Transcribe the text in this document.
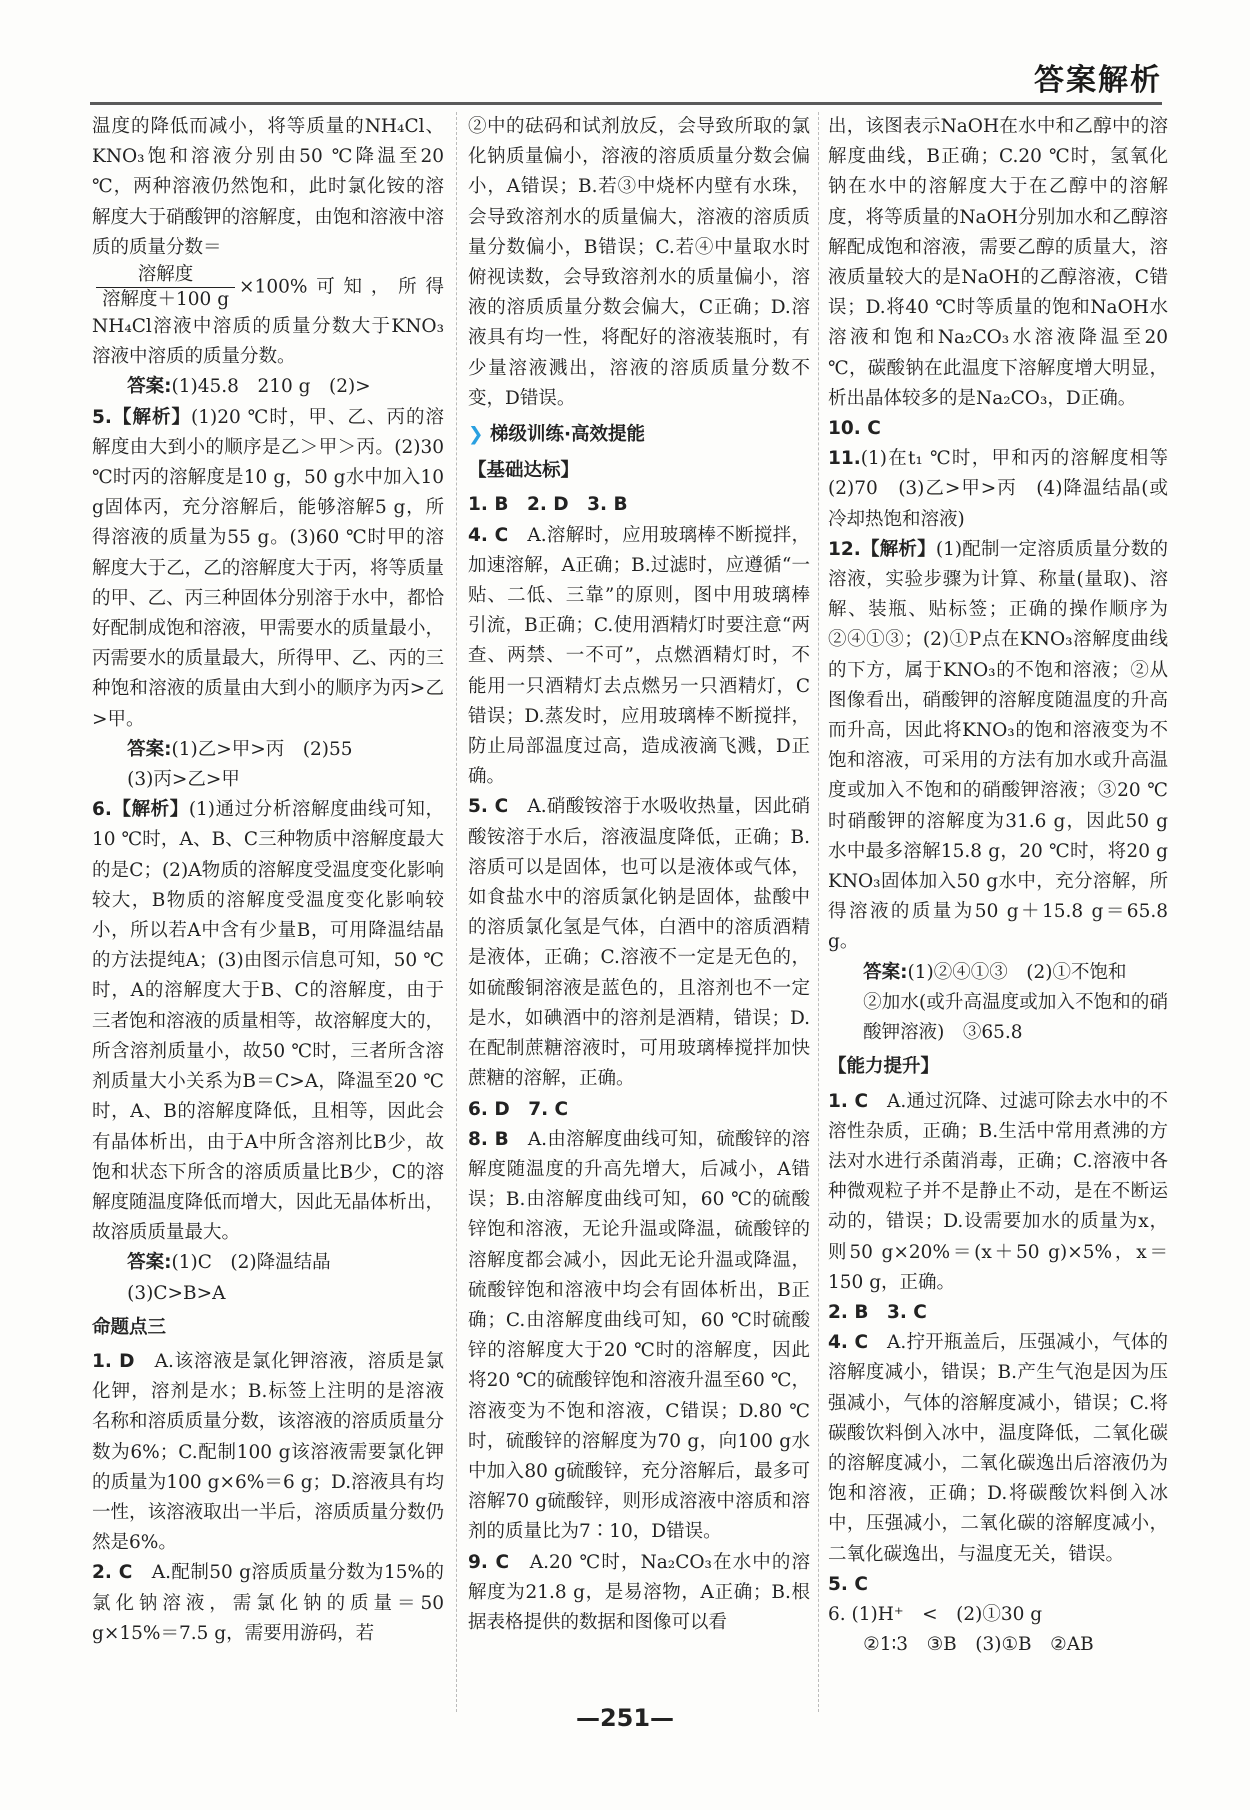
答案解析

温度的降低而减小，将等质量的NH₄Cl、KNO₃饱和溶液分别由50 ℃降温至20 ℃，两种溶液仍然饱和，此时氯化铵的溶解度大于硝酸钾的溶解度，由饱和溶液中溶质的质量分数＝

$\frac{\text{溶解度}}{\text{溶解度＋100 g}} \times 100\%$可知，所得NH₄Cl溶液中溶质的质量分数大于KNO₃溶液中溶质的质量分数。

答案:(1)45.8　210 g　(2)>

5.【解析】(1)20 ℃时，甲、乙、丙的溶解度由大到小的顺序是乙＞甲＞丙。(2)30 ℃时丙的溶解度是10 g，50 g水中加入10 g固体丙，充分溶解后，能够溶解5 g，所得溶液的质量为55 g。(3)60 ℃时甲的溶解度大于乙，乙的溶解度大于丙，将等质量的甲、乙、丙三种固体分别溶于水中，都恰好配制成饱和溶液，甲需要水的质量最小，丙需要水的质量最大，所得甲、乙、丙的三种饱和溶液的质量由大到小的顺序为丙>乙>甲。

答案:(1)乙>甲>丙　(2)55

(3)丙>乙>甲

6.【解析】(1)通过分析溶解度曲线可知，10 ℃时，A、B、C三种物质中溶解度最大的是C；(2)A物质的溶解度受温度变化影响较大，B物质的溶解度受温度变化影响较小，所以若A中含有少量B，可用降温结晶的方法提纯A；(3)由图示信息可知，50 ℃时，A的溶解度大于B、C的溶解度，由于三者饱和溶液的质量相等，故溶解度大的，所含溶剂质量小，故50 ℃时，三者所含溶剂质量大小关系为B＝C>A，降温至20 ℃时，A、B的溶解度降低，且相等，因此会有晶体析出，由于A中所含溶剂比B少，故饱和状态下所含的溶质质量比B少，C的溶解度随温度降低而增大，因此无晶体析出，故溶质质量最大。

答案:(1)C　(2)降温结晶

(3)C>B>A

命题点三

1. D　 A.该溶液是氯化钾溶液，溶质是氯化钾，溶剂是水；B.标签上注明的是溶液名称和溶质质量分数，该溶液的溶质质量分数为6%；C.配制100 g该溶液需要氯化钾的质量为100 g×6%＝6 g；D.溶液具有均一性，该溶液取出一半后，溶质质量分数仍然是6%。

2. C　 A.配制50 g溶质质量分数为15%的氯化钠溶液，需氯化钠的质量＝50 g×15%＝7.5 g，需要用游码，若

②中的砝码和试剂放反，会导致所取的氯化钠质量偏小，溶液的溶质质量分数会偏小，A错误；B.若③中烧杯内壁有水珠，会导致溶剂水的质量偏大，溶液的溶质质量分数偏小，B错误；C.若④中量取水时俯视读数，会导致溶剂水的质量偏小，溶液的溶质质量分数会偏大，C正确；D.溶液具有均一性，将配好的溶液装瓶时，有少量溶液溅出，溶液的溶质质量分数不变，D错误。

❯ 梯级训练·高效提能

【基础达标】

1. B　2. D　3. B

4. C　 A.溶解时，应用玻璃棒不断搅拌，加速溶解，A正确；B.过滤时，应遵循“一贴、二低、三靠”的原则，图中用玻璃棒引流，B正确；C.使用酒精灯时要注意“两查、两禁、一不可”，点燃酒精灯时，不能用一只酒精灯去点燃另一只酒精灯，C错误；D.蒸发时，应用玻璃棒不断搅拌，防止局部温度过高，造成液滴飞溅，D正确。

5. C　 A.硝酸铵溶于水吸收热量，因此硝酸铵溶于水后，溶液温度降低，正确；B.溶质可以是固体，也可以是液体或气体，如食盐水中的溶质氯化钠是固体，盐酸中的溶质氯化氢是气体，白酒中的溶质酒精是液体，正确；C.溶液不一定是无色的，如硫酸铜溶液是蓝色的，且溶剂也不一定是水，如碘酒中的溶剂是酒精，错误；D.在配制蔗糖溶液时，可用玻璃棒搅拌加快蔗糖的溶解，正确。

6. D　7. C

8. B　 A.由溶解度曲线可知，硫酸锌的溶解度随温度的升高先增大，后减小，A错误；B.由溶解度曲线可知，60 ℃的硫酸锌饱和溶液，无论升温或降温，硫酸锌的溶解度都会减小，因此无论升温或降温，硫酸锌饱和溶液中均会有固体析出，B正确；C.由溶解度曲线可知，60 ℃时硫酸锌的溶解度大于20 ℃时的溶解度，因此将20 ℃的硫酸锌饱和溶液升温至60 ℃，溶液变为不饱和溶液，C错误；D.80 ℃时，硫酸锌的溶解度为70 g，向100 g水中加入80 g硫酸锌，充分溶解后，最多可溶解70 g硫酸锌，则形成溶液中溶质和溶剂的质量比为7∶10，D错误。

9. C　 A.20 ℃时，Na₂CO₃在水中的溶解度为21.8 g，是易溶物，A正确；B.根据表格提供的数据和图像可以看

出，该图表示NaOH在水中和乙醇中的溶解度曲线，B正确；C.20 ℃时，氢氧化钠在水中的溶解度大于在乙醇中的溶解度，将等质量的NaOH分别加水和乙醇溶解配成饱和溶液，需要乙醇的质量大，溶液质量较大的是NaOH的乙醇溶液，C错误；D.将40 ℃时等质量的饱和NaOH水溶液和饱和Na₂CO₃水溶液降温至20 ℃，碳酸钠在此温度下溶解度增大明显，析出晶体较多的是Na₂CO₃，D正确。

10. C

11.(1)在t₁ ℃时，甲和丙的溶解度相等　(2)70　(3)乙>甲>丙　(4)降温结晶(或冷却热饱和溶液)

12.【解析】(1)配制一定溶质质量分数的溶液，实验步骤为计算、称量(量取)、溶解、装瓶、贴标签；正确的操作顺序为②④①③；(2)①P点在KNO₃溶解度曲线的下方，属于KNO₃的不饱和溶液；②从图像看出，硝酸钾的溶解度随温度的升高而升高，因此将KNO₃的饱和溶液变为不饱和溶液，可采用的方法有加水或升高温度或加入不饱和的硝酸钾溶液；③20 ℃时硝酸钾的溶解度为31.6 g，因此50 g水中最多溶解15.8 g，20 ℃时，将20 g KNO₃固体加入50 g水中，充分溶解，所得溶液的质量为50 g＋15.8 g＝65.8 g。

答案:(1)②④①③　(2)①不饱和

②加水(或升高温度或加入不饱和的硝酸钾溶液)　③65.8

【能力提升】

1. C　 A.通过沉降、过滤可除去水中的不溶性杂质，正确；B.生活中常用煮沸的方法对水进行杀菌消毒，正确；C.溶液中各种微观粒子并不是静止不动，是在不断运动的，错误；D.设需要加水的质量为x，则50 g×20%＝(x＋50 g)×5%，x＝150 g，正确。

2. B　3. C

4. C　 A.拧开瓶盖后，压强减小，气体的溶解度减小，错误；B.产生气泡是因为压强减小，气体的溶解度减小，错误；C.将碳酸饮料倒入冰中，温度降低，二氧化碳的溶解度减小，二氧化碳逸出后溶液仍为饱和溶液，正确；D.将碳酸饮料倒入冰中，压强减小，二氧化碳的溶解度减小，二氧化碳逸出，与温度无关，错误。

5. C

6. (1)H⁺　<　(2)①30 g

②1∶3　③B　(3)①B　②AB

—251—
